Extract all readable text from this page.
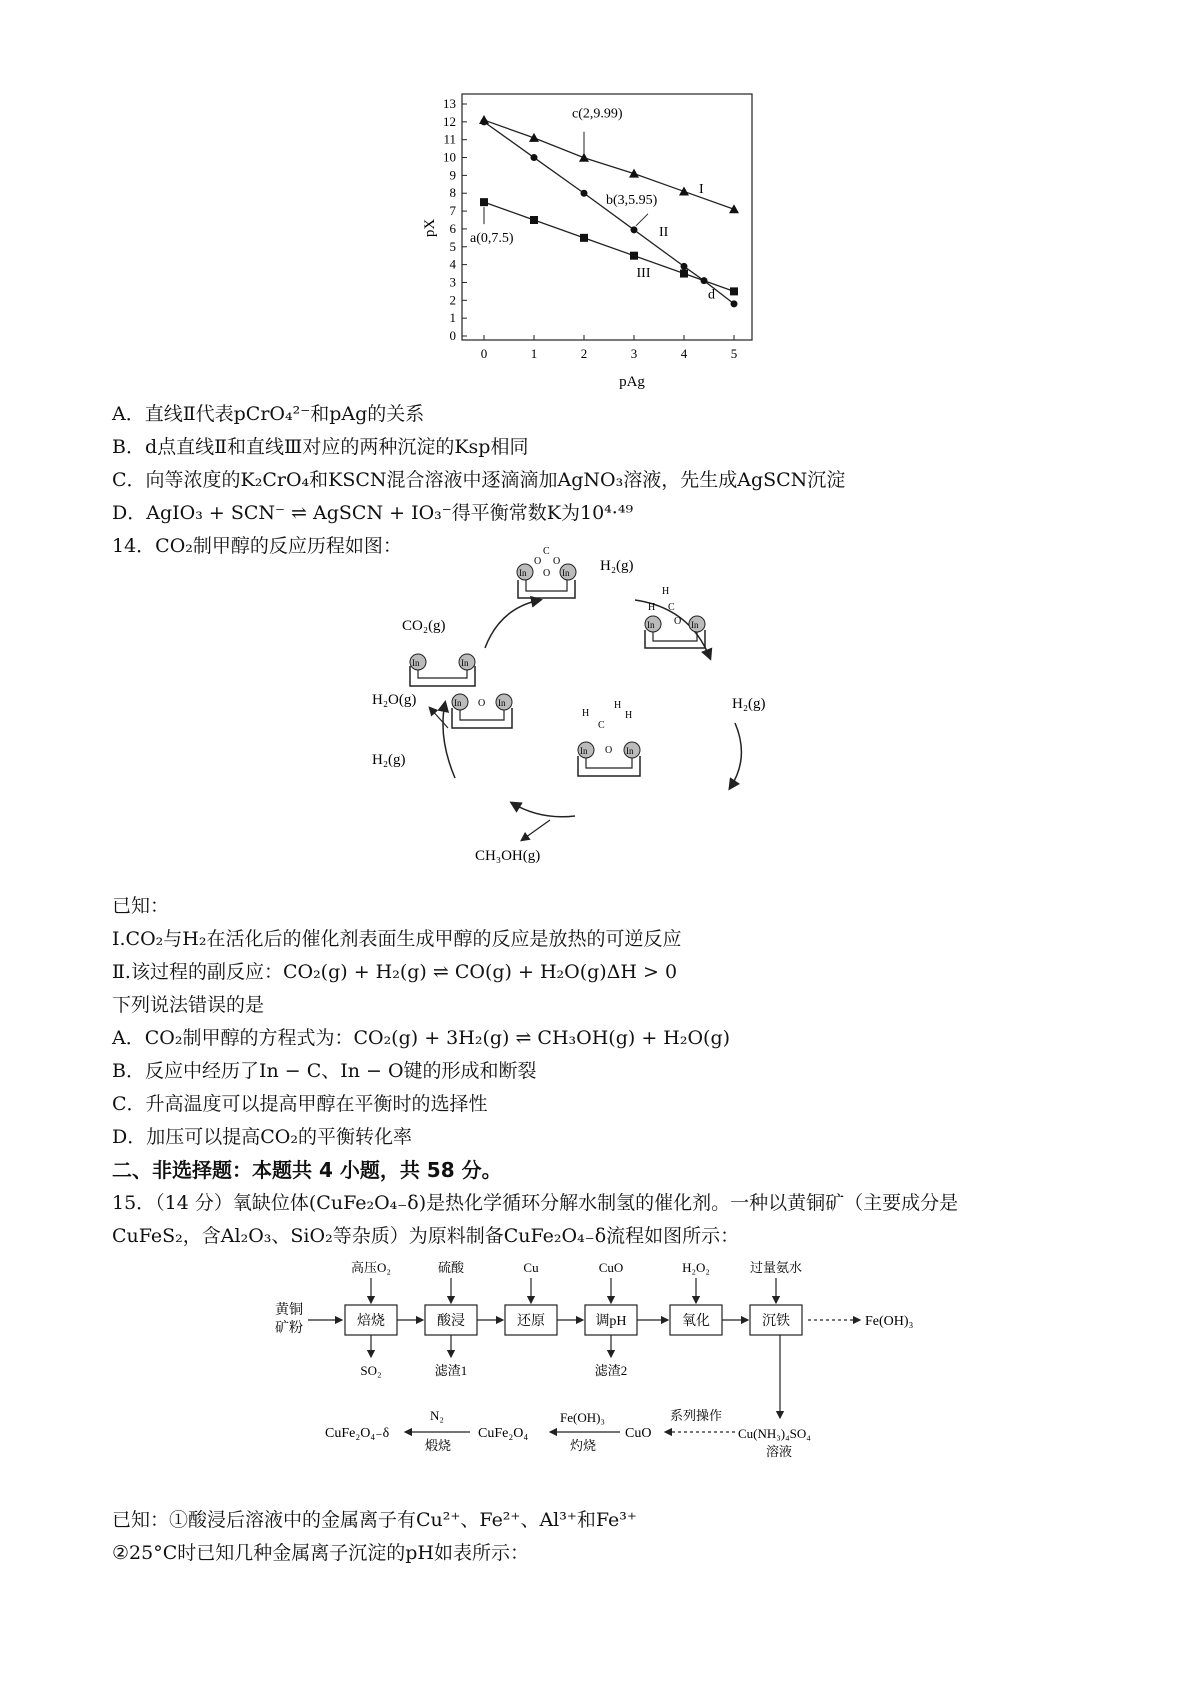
0
1
2
3
4
5
6
7
8
9
10
11
12
13
0	1	2	3	4	5
c(2,9.99)
b(3,5.95)
a(0,7.5)
d
I
II
III
pX
pAg
A．直线Ⅱ代表pCrO₄²⁻和pAg的关系
B．d点直线Ⅱ和直线Ⅲ对应的两种沉淀的Ksp相同
C．向等浓度的K₂CrO₄和KSCN混合溶液中逐滴滴加AgNO₃溶液，先生成AgSCN沉淀
D．AgIO₃ + SCN⁻ ⇌ AgSCN + IO₃⁻得平衡常数K为10⁴·⁴⁹
14．CO₂制甲醇的反应历程如图：
CO₂(g)
H₂(g)
H₂(g)
H₂O(g)
H₂(g)
CH₃OH(g)
In	In
In	In
C
O O
O
In	In
H
H C
O
In	In
O
H
H
H
C
In	In
O
已知：
Ⅰ.CO₂与H₂在活化后的催化剂表面生成甲醇的反应是放热的可逆反应
Ⅱ.该过程的副反应：CO₂(g) + H₂(g) ⇌ CO(g) + H₂O(g)ΔH > 0
下列说法错误的是
A．CO₂制甲醇的方程式为：CO₂(g) + 3H₂(g) ⇌ CH₃OH(g) + H₂O(g)
B．反应中经历了In − C、In − O键的形成和断裂
C．升高温度可以提高甲醇在平衡时的选择性
D．加压可以提高CO₂的平衡转化率
二、非选择题：本题共 4 小题，共 58 分。
15．（14 分）氧缺位体(CuFe₂O₄₋δ)是热化学循环分解水制氢的催化剂。一种以黄铜矿（主要成分是
CuFeS₂，含Al₂O₃、SiO₂等杂质）为原料制备CuFe₂O₄₋δ流程如图所示：
黄铜
矿粉	焙烧
高压O₂
酸浸
硫酸
还原
Cu
调pH
CuO
氧化
H₂O₂
沉铁
过量氨水
SO₂	滤渣1	滤渣2
Fe(OH)₃
Cu(NH₃)₄SO₄
溶液
系列操作
CuO
Fe(OH)₃
灼烧
CuFe₂O₄
N₂
煅烧
CuFe₂O₄₋δ
已知：①酸浸后溶液中的金属离子有Cu²⁺、Fe²⁺、Al³⁺和Fe³⁺
②25°C时已知几种金属离子沉淀的pH如表所示：
